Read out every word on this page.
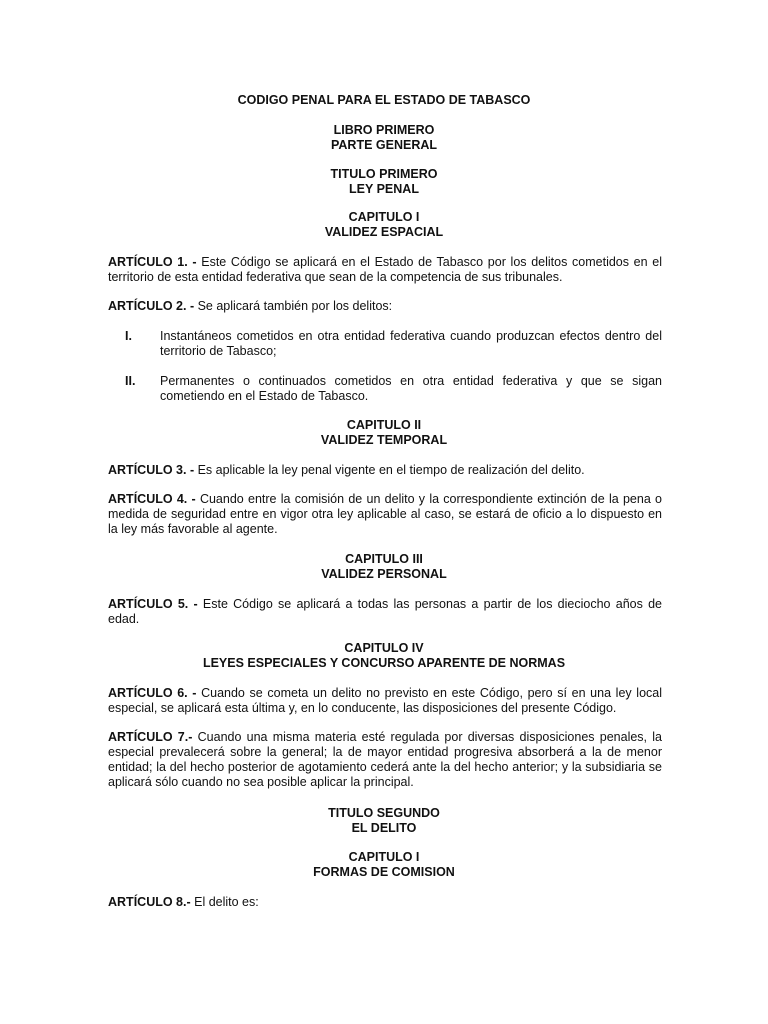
CODIGO PENAL PARA EL ESTADO DE TABASCO

LIBRO PRIMERO

PARTE GENERAL

TITULO PRIMERO

LEY PENAL

CAPITULO I

VALIDEZ ESPACIAL

ARTÍCULO 1. - Este Código se aplicará en el Estado de Tabasco por los delitos cometidos en el territorio de esta entidad federativa que sean de la competencia de sus tribunales.

ARTÍCULO 2. - Se aplicará también por los delitos:

I. Instantáneos cometidos en otra entidad federativa cuando produzcan efectos dentro del territorio de Tabasco;
II. Permanentes o continuados cometidos en otra entidad federativa y que se sigan cometiendo en el Estado de Tabasco.

CAPITULO II

VALIDEZ TEMPORAL

ARTÍCULO 3. - Es aplicable la ley penal vigente en el tiempo de realización del delito.

ARTÍCULO 4. - Cuando entre la comisión de un delito y la correspondiente extinción de la pena o medida de seguridad entre en vigor otra ley aplicable al caso, se estará de oficio a lo dispuesto en la ley más favorable al agente.

CAPITULO III

VALIDEZ PERSONAL

ARTÍCULO 5. - Este Código se aplicará a todas las personas a partir de los dieciocho años de edad.

CAPITULO IV

LEYES ESPECIALES Y CONCURSO APARENTE DE NORMAS

ARTÍCULO 6. - Cuando se cometa un delito no previsto en este Código, pero sí en una ley local especial, se aplicará esta última y, en lo conducente, las disposiciones del presente Código.

ARTÍCULO 7.- Cuando una misma materia esté regulada por diversas disposiciones penales, la especial prevalecerá sobre la general; la de mayor entidad progresiva absorberá a la de menor entidad; la del hecho posterior de agotamiento cederá ante la del hecho anterior; y la subsidiaria se aplicará sólo cuando no sea posible aplicar la principal.

TITULO SEGUNDO

EL DELITO

CAPITULO I

FORMAS DE COMISION

ARTÍCULO 8.- El delito es:
